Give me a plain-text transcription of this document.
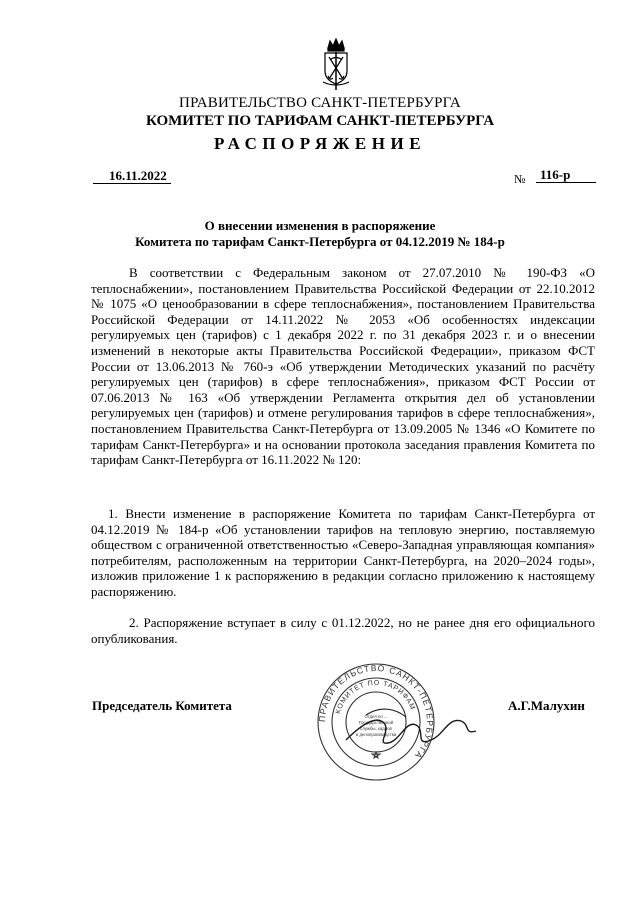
ПРАВИТЕЛЬСТВО САНКТ-ПЕТЕРБУРГА
КОМИТЕТ ПО ТАРИФАМ САНКТ-ПЕТЕРБУРГА
РАСПОРЯЖЕНИЕ
16.11.2022	№	116-р
О внесении изменения в распоряжение
Комитета по тарифам Санкт-Петербурга от 04.12.2019 № 184-р
В соответствии с Федеральным законом от 27.07.2010 № 190-ФЗ «О теплоснабжении», постановлением Правительства Российской Федерации от 22.10.2012 № 1075 «О ценообразовании в сфере теплоснабжения», постановлением Правительства Российской Федерации от 14.11.2022 № 2053 «Об особенностях индексации регулируемых цен (тарифов) с 1 декабря 2022 г. по 31 декабря 2023 г. и о внесении изменений в некоторые акты Правительства Российской Федерации», приказом ФСТ России от 13.06.2013 № 760-э «Об утверждении Методических указаний по расчёту регулируемых цен (тарифов) в сфере теплоснабжения», приказом ФСТ России от 07.06.2013 № 163 «Об утверждении Регламента открытия дел об установлении регулируемых цен (тарифов) и отмене регулирования тарифов в сфере теплоснабжения», постановлением Правительства Санкт-Петербурга от 13.09.2005 № 1346 «О Комитете по тарифам Санкт-Петербурга» и на основании протокола заседания правления Комитета по тарифам Санкт-Петербурга от 16.11.2022 № 120:
1. Внести изменение в распоряжение Комитета по тарифам Санкт-Петербурга от 04.12.2019 № 184-р «Об установлении тарифов на тепловую энергию, поставляемую обществом с ограниченной ответственностью «Северо-Западная управляющая компания» потребителям, расположенным на территории Санкт-Петербурга, на 2020–2024 годы», изложив приложение 1 к распоряжению в редакции согласно приложению к настоящему распоряжению.
2. Распоряжение вступает в силу с 01.12.2022, но не ранее дня его официального опубликования.
ПРАВИТЕЛЬСТВО САНКТ-ПЕТЕРБУРГА
КОМИТЕТ ПО ТАРИФАМ
Отдел по ...
Государственной
службы, кадров
и делопроизводства
Председатель Комитета	А.Г.Малухин
